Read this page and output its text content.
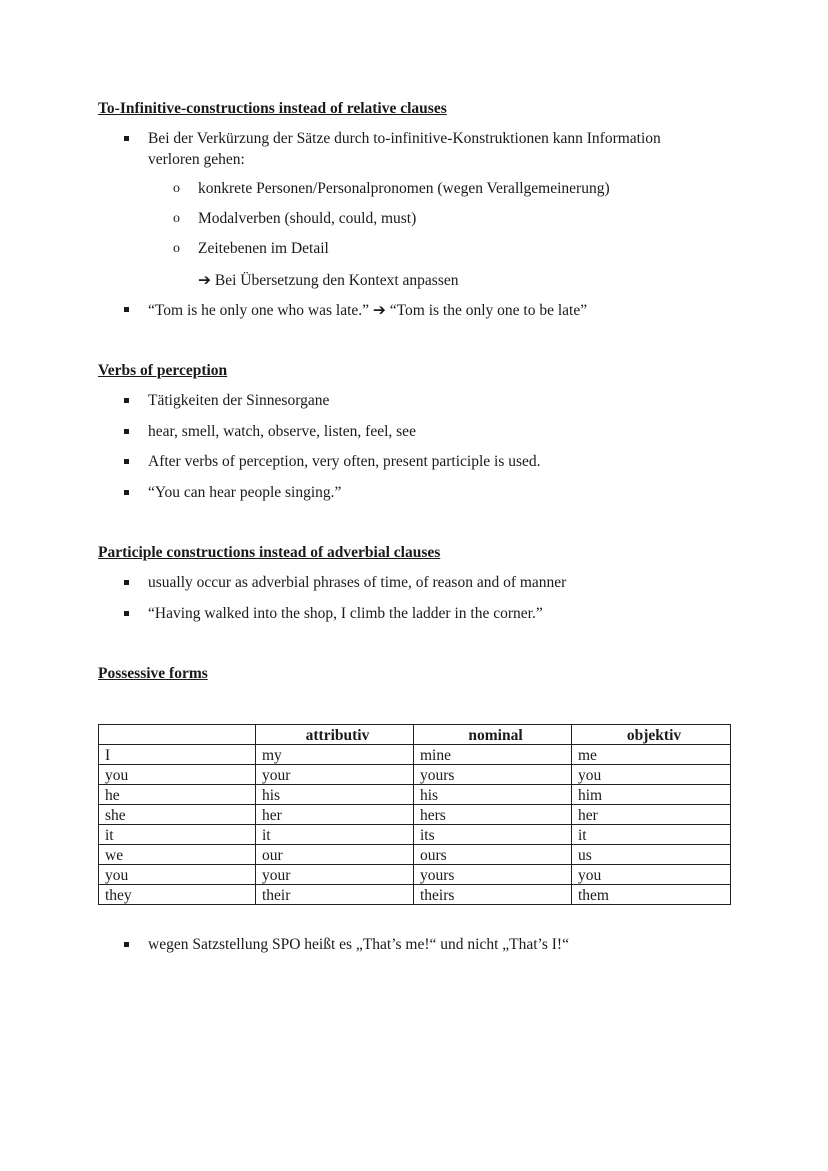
To-Infinitive-constructions instead of relative clauses
Bei der Verkürzung der Sätze durch to-infinitive-Konstruktionen kann Information
verloren gehen:
o konkrete Personen/Personalpronomen (wegen Verallgemeinerung)
o Modalverben (should, could, must)
o Zeitebenen im Detail
➔ Bei Übersetzung den Kontext anpassen
“Tom is he only one who was late.” ➔ “Tom is the only one to be late”
Verbs of perception
Tätigkeiten der Sinnesorgane
hear, smell, watch, observe, listen, feel, see
After verbs of perception, very often, present participle is used.
“You can hear people singing.”
Participle constructions instead of adverbial clauses
usually occur as adverbial phrases of time, of reason and of manner
“Having walked into the shop, I climb the ladder in the corner.”
Possessive forms
	attributiv	nominal	objektiv
I	my	mine	me
you	your	yours	you
he	his	his	him
she	her	hers	her
it	it	its	it
we	our	ours	us
you	your	yours	you
they	their	theirs	them
wegen Satzstellung SPO heißt es „That’s me!“ und nicht „That’s I!“
